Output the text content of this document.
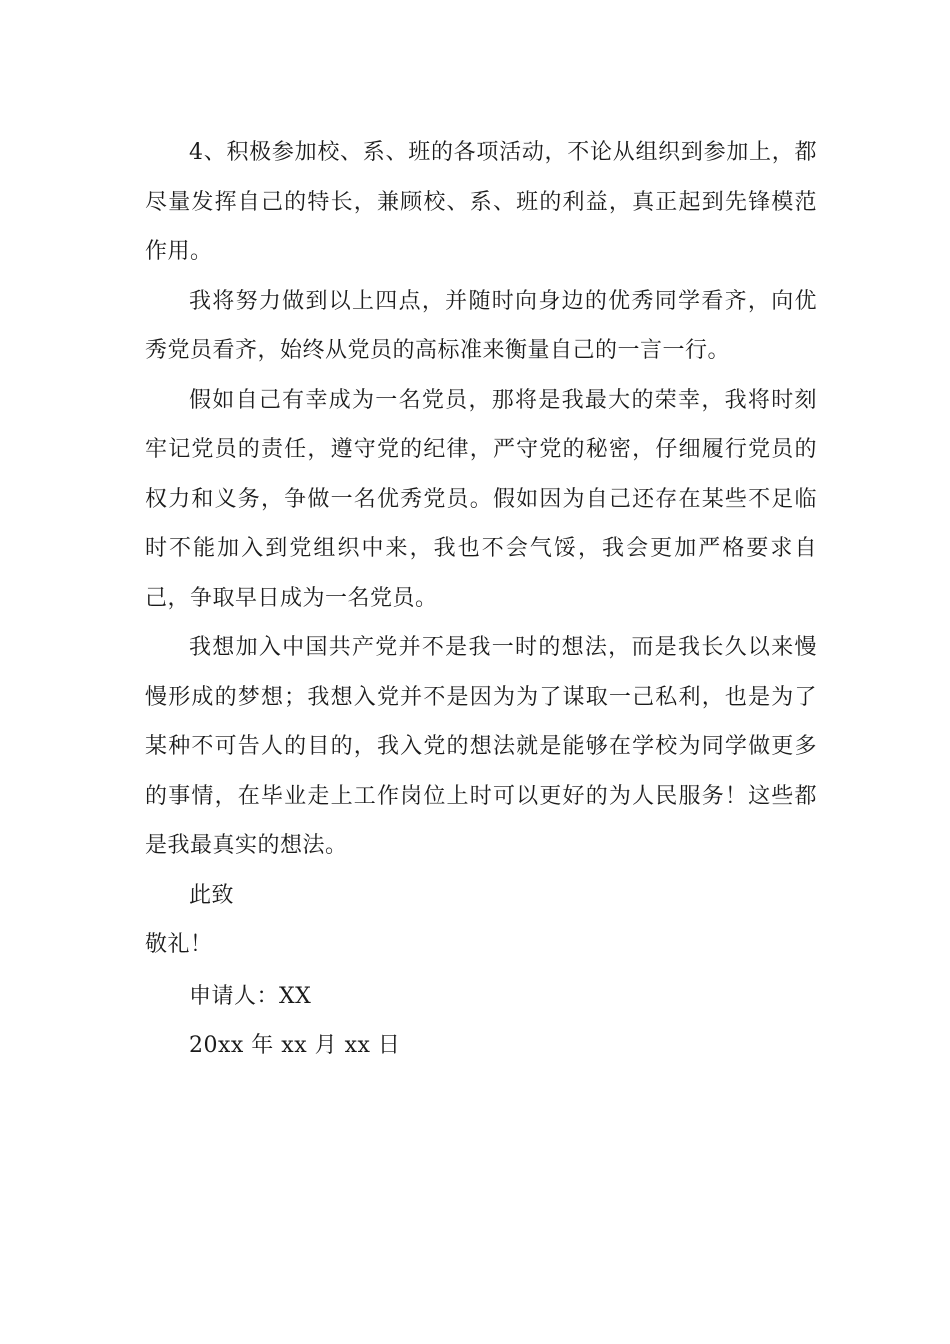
4、积极参加校、系、班的各项活动，不论从组织到参加上，都尽量发挥自己的特长，兼顾校、系、班的利益，真正起到先锋模范作用。

我将努力做到以上四点，并随时向身边的优秀同学看齐，向优秀党员看齐，始终从党员的高标准来衡量自己的一言一行。

假如自己有幸成为一名党员，那将是我最大的荣幸，我将时刻牢记党员的责任，遵守党的纪律，严守党的秘密，仔细履行党员的权力和义务，争做一名优秀党员。假如因为自己还存在某些不足临时不能加入到党组织中来，我也不会气馁，我会更加严格要求自己，争取早日成为一名党员。

我想加入中国共产党并不是我一时的想法，而是我长久以来慢慢形成的梦想；我想入党并不是因为为了谋取一己私利，也是为了某种不可告人的目的，我入党的想法就是能够在学校为同学做更多的事情，在毕业走上工作岗位上时可以更好的为人民服务！这些都是我最真实的想法。

此致

敬礼！

申请人：XX

20xx 年 xx 月 xx 日
